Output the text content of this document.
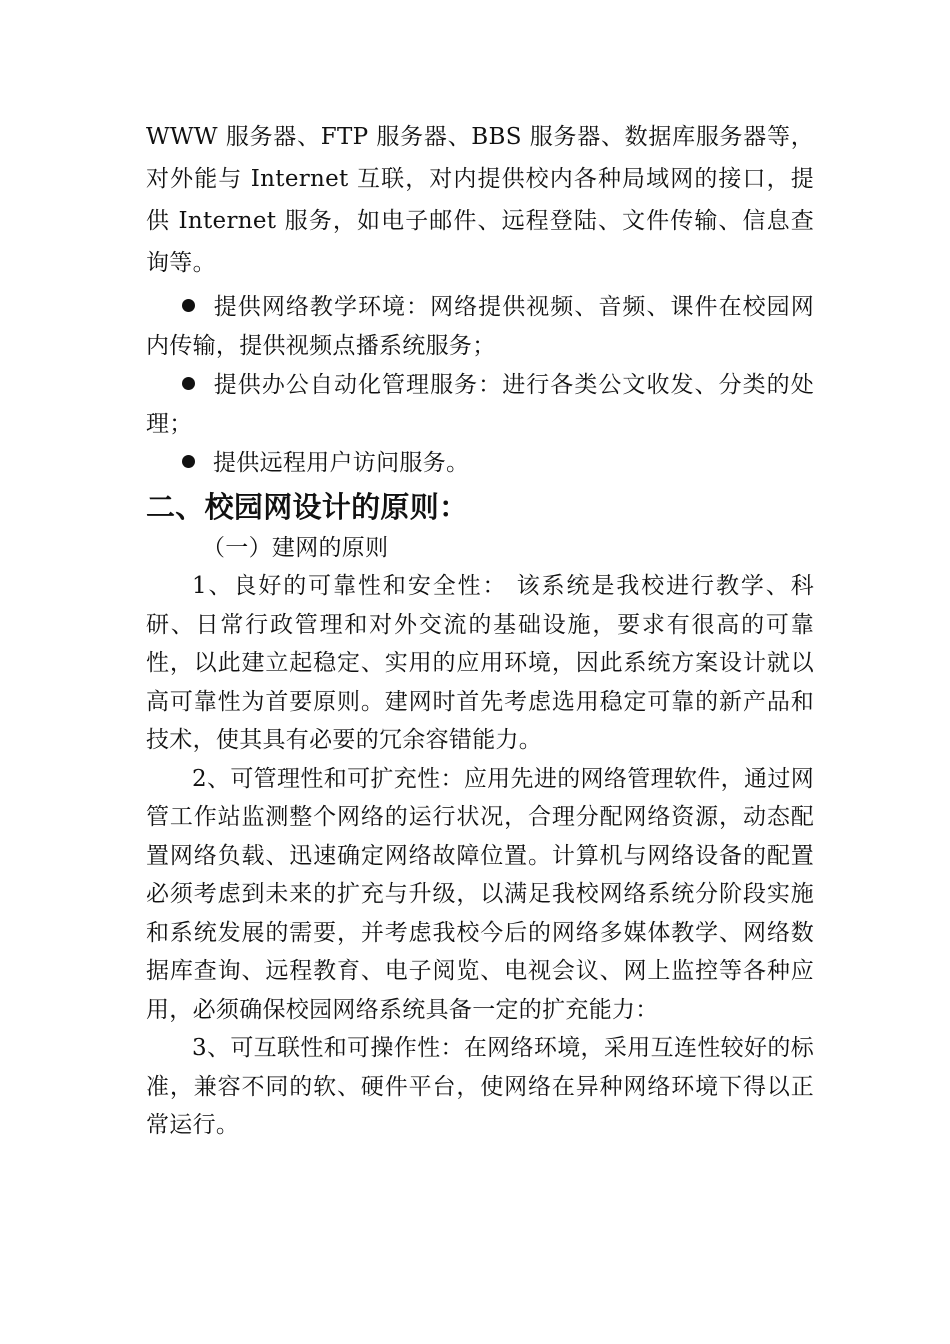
WWW 服务器、FTP 服务器、BBS 服务器、数据库服务器等，对外能与 Internet 互联，对内提供校内各种局域网的接口，提供 Internet 服务，如电子邮件、远程登陆、文件传输、信息查询等。

提供网络教学环境：网络提供视频、音频、课件在校园网内传输，提供视频点播系统服务；

提供办公自动化管理服务：进行各类公文收发、分类的处理；

提供远程用户访问服务。

二、校园网设计的原则：

（一）建网的原则

1、良好的可靠性和安全性： 该系统是我校进行教学、科研、日常行政管理和对外交流的基础设施，要求有很高的可靠性，以此建立起稳定、实用的应用环境，因此系统方案设计就以高可靠性为首要原则。建网时首先考虑选用稳定可靠的新产品和技术，使其具有必要的冗余容错能力。

2、可管理性和可扩充性：应用先进的网络管理软件，通过网管工作站监测整个网络的运行状况，合理分配网络资源，动态配置网络负载、迅速确定网络故障位置。计算机与网络设备的配置必须考虑到未来的扩充与升级，以满足我校网络系统分阶段实施和系统发展的需要，并考虑我校今后的网络多媒体教学、网络数据库查询、远程教育、电子阅览、电视会议、网上监控等各种应用，必须确保校园网络系统具备一定的扩充能力：

3、可互联性和可操作性：在网络环境，采用互连性较好的标准，兼容不同的软、硬件平台，使网络在异种网络环境下得以正常运行。
